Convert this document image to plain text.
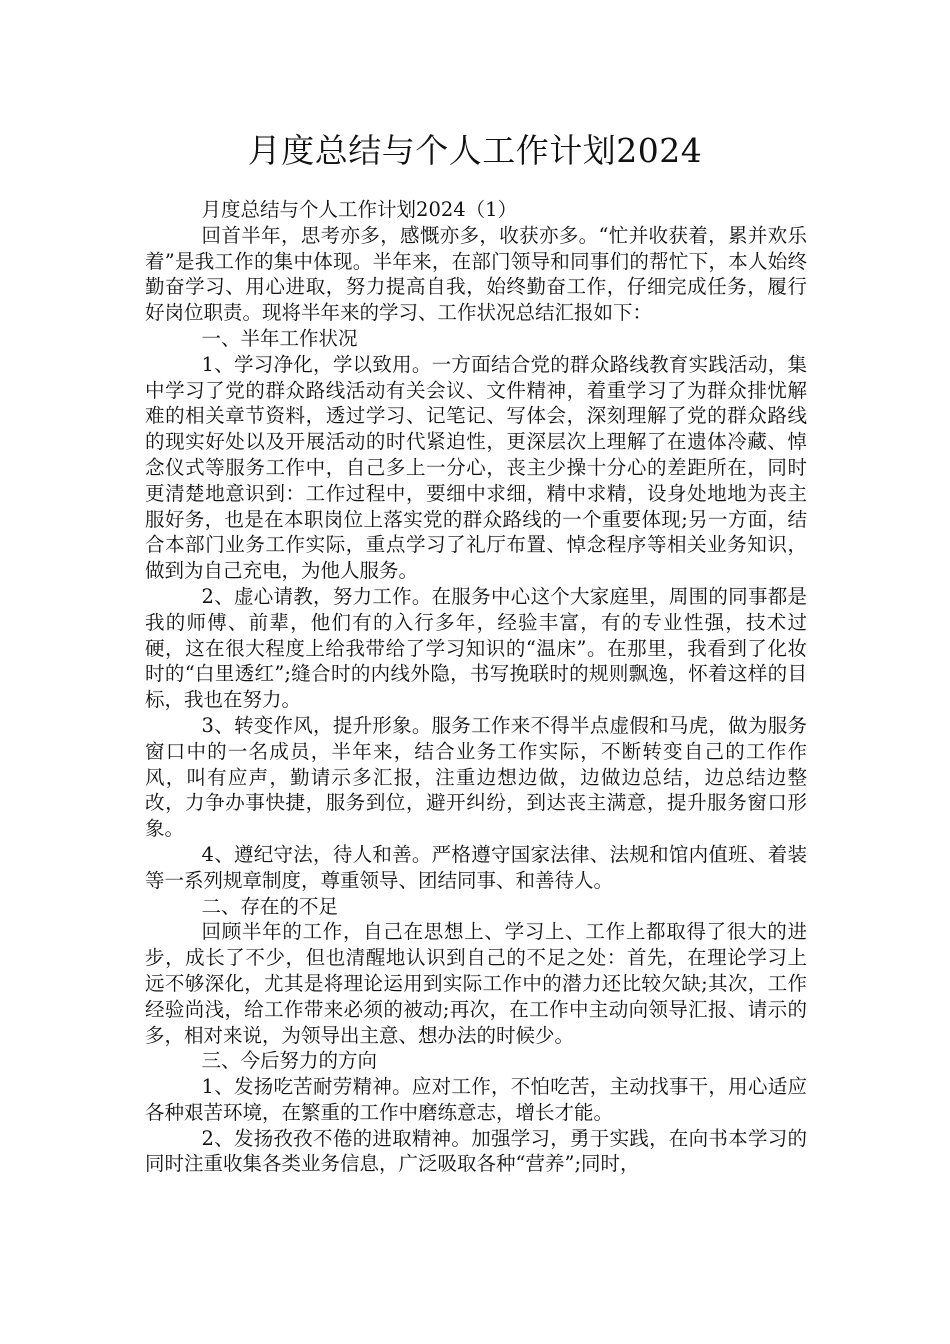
月度总结与个人工作计划2024

月度总结与个人工作计划2024（1）

回首半年，思考亦多，感慨亦多，收获亦多。“忙并收获着，累并欢乐着”是我工作的集中体现。半年来，在部门领导和同事们的帮忙下，本人始终勤奋学习、用心进取，努力提高自我，始终勤奋工作，仔细完成任务，履行好岗位职责。现将半年来的学习、工作状况总结汇报如下：

一、半年工作状况

1、学习净化，学以致用。一方面结合党的群众路线教育实践活动，集中学习了党的群众路线活动有关会议、文件精神，着重学习了为群众排忧解难的相关章节资料，透过学习、记笔记、写体会，深刻理解了党的群众路线的现实好处以及开展活动的时代紧迫性，更深层次上理解了在遗体冷藏、悼念仪式等服务工作中，自己多上一分心，丧主少操十分心的差距所在，同时更清楚地意识到：工作过程中，要细中求细，精中求精，设身处地地为丧主服好务，也是在本职岗位上落实党的群众路线的一个重要体现;另一方面，结合本部门业务工作实际，重点学习了礼厅布置、悼念程序等相关业务知识，做到为自己充电，为他人服务。

2、虚心请教，努力工作。在服务中心这个大家庭里，周围的同事都是我的师傅、前辈，他们有的入行多年，经验丰富，有的专业性强，技术过硬，这在很大程度上给我带给了学习知识的“温床”。在那里，我看到了化妆时的“白里透红”;缝合时的内线外隐，书写挽联时的规则飘逸，怀着这样的目标，我也在努力。

3、转变作风，提升形象。服务工作来不得半点虚假和马虎，做为服务窗口中的一名成员，半年来，结合业务工作实际，不断转变自己的工作作风，叫有应声，勤请示多汇报，注重边想边做，边做边总结，边总结边整改，力争办事快捷，服务到位，避开纠纷，到达丧主满意，提升服务窗口形象。

4、遵纪守法，待人和善。严格遵守国家法律、法规和馆内值班、着装等一系列规章制度，尊重领导、团结同事、和善待人。

二、存在的不足

回顾半年的工作，自己在思想上、学习上、工作上都取得了很大的进步，成长了不少，但也清醒地认识到自己的不足之处：首先，在理论学习上远不够深化，尤其是将理论运用到实际工作中的潜力还比较欠缺;其次，工作经验尚浅，给工作带来必须的被动;再次，在工作中主动向领导汇报、请示的多，相对来说，为领导出主意、想办法的时候少。

三、今后努力的方向

1、发扬吃苦耐劳精神。应对工作，不怕吃苦，主动找事干，用心适应各种艰苦环境，在繁重的工作中磨练意志，增长才能。

2、发扬孜孜不倦的进取精神。加强学习，勇于实践，在向书本学习的同时注重收集各类业务信息，广泛吸取各种“营养”;同时，
